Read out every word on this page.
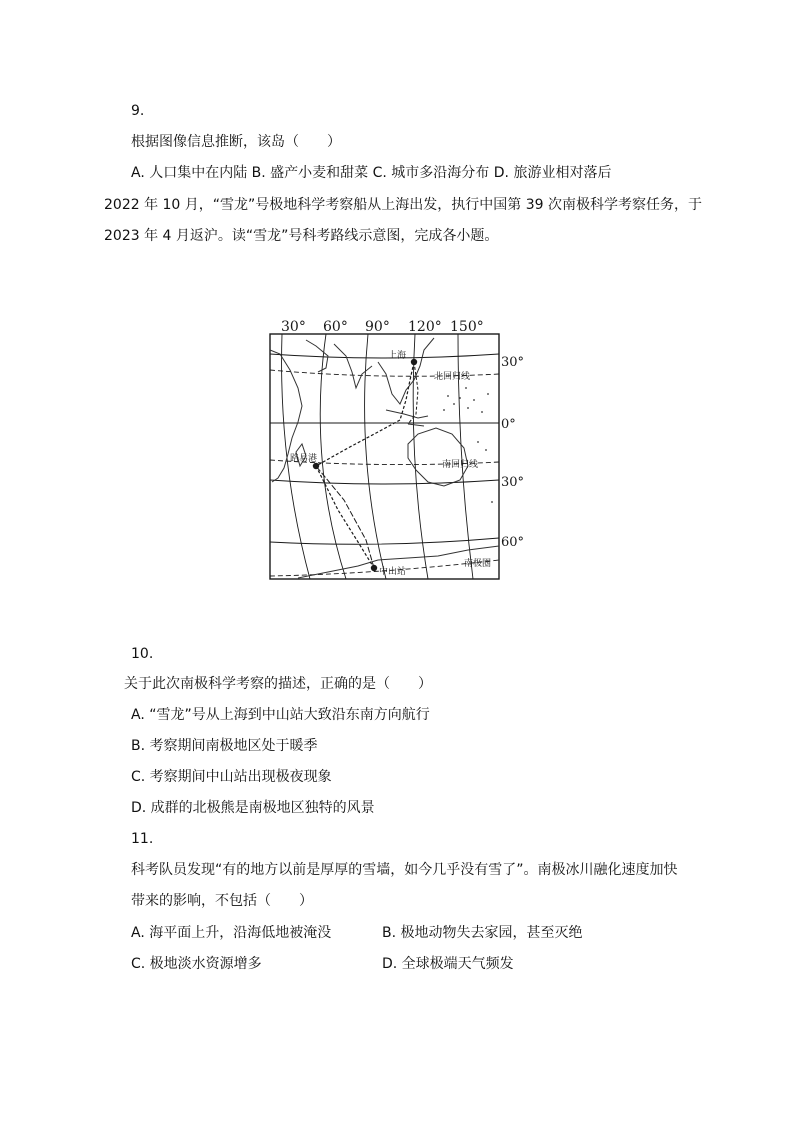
9.
根据图像信息推断，该岛（　　）
A. 人口集中在内陆 B. 盛产小麦和甜菜 C. 城市多沿海分布 D. 旅游业相对落后
2022 年 10 月，“雪龙”号极地科学考察船从上海出发，执行中国第 39 次南极科学考察任务，于
2023 年 4 月返沪。读“雪龙”号科考路线示意图，完成各小题。
30° 60° 90° 120° 150°
上海
北回归线
南回归线
路易港
中山站
南极圈
30°
0°
30°
60°
10.
关于此次南极科学考察的描述，正确的是（　　）
A. “雪龙”号从上海到中山站大致沿东南方向航行
B. 考察期间南极地区处于暖季
C. 考察期间中山站出现极夜现象
D. 成群的北极熊是南极地区独特的风景
11.
科考队员发现“有的地方以前是厚厚的雪墙，如今几乎没有雪了”。南极冰川融化速度加快
带来的影响，不包括（　　）
A. 海平面上升，沿海低地被淹没	B. 极地动物失去家园，甚至灭绝
C. 极地淡水资源增多	D. 全球极端天气频发
